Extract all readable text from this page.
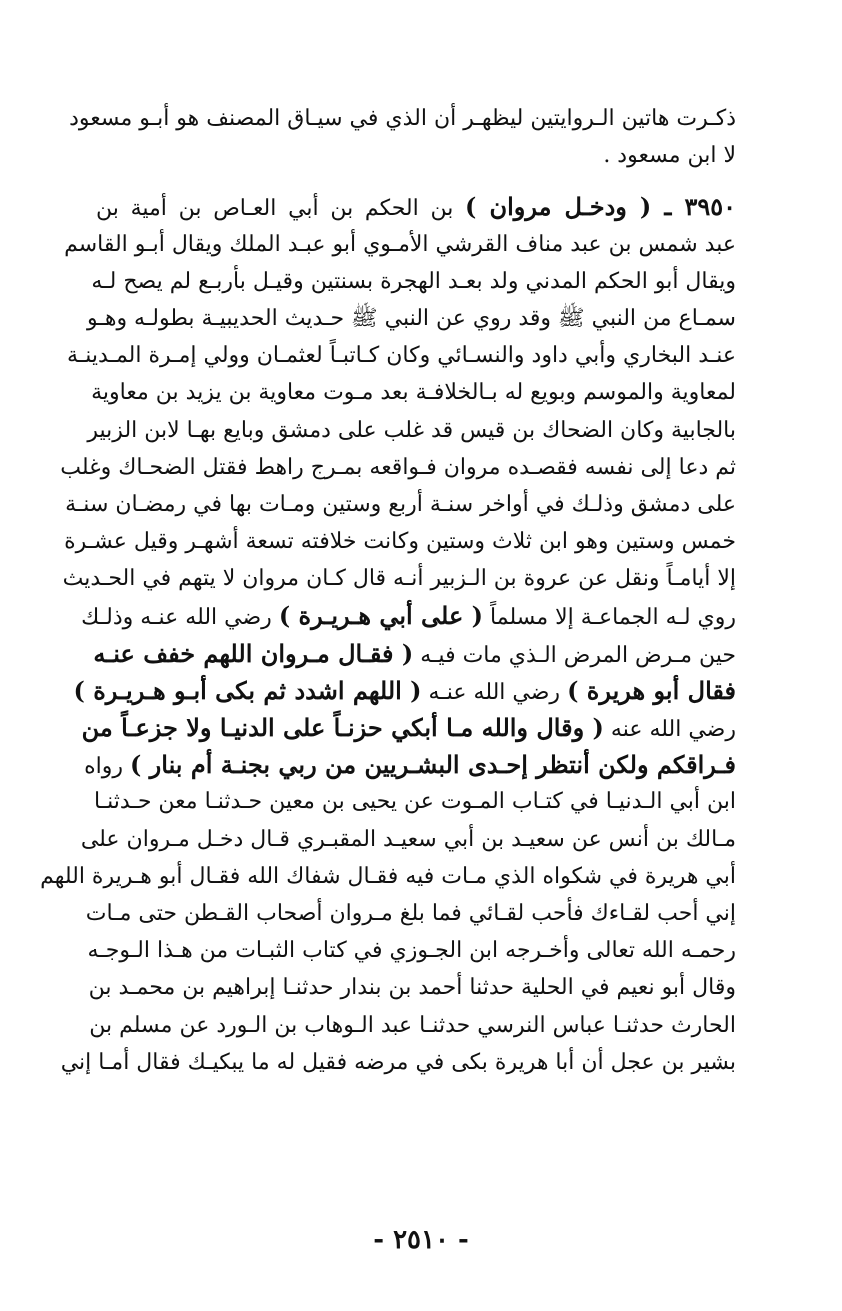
ذكـرت هاتين الـروايتين ليظهـر أن الذي في سيـاق المصنف هو أبـو مسعود
لا ابن مسعود .
٣٩٥٠ ـ ( ودخـل مروان ) بن الحكم بن أبي العـاص بن أمية بن
عبد شمس بن عبد مناف القرشي الأمـوي أبو عبـد الملك ويقال أبـو القاسم
ويقال أبو الحكم المدني ولد بعـد الهجرة بسنتين وقيـل بأربـع لم يصح لـه
سمـاع من النبي ﷺ وقد روي عن النبي ﷺ حـديث الحديبيـة بطولـه وهـو
عنـد البخاري وأبي داود والنسـائي وكان كـاتبـاً لعثمـان وولي إمـرة المـدينـة
لمعاوية والموسم وبويع له بـالخلافـة بعد مـوت معاوية بن يزيد بن معاوية
بالجابية وكان الضحاك بن قيس قد غلب على دمشق وبايع بهـا لابن الزبير
ثم دعا إلى نفسه فقصـده مروان فـواقعه بمـرج راهط فقتل الضحـاك وغلب
على دمشق وذلـك في أواخر سنـة أربع وستين ومـات بها في رمضـان سنـة
خمس وستين وهو ابن ثلاث وستين وكانت خلافته تسعة أشهـر وقيل عشـرة
إلا أيامـاً ونقل عن عروة بن الـزبير أنـه قال كـان مروان لا يتهم في الحـديث
روي لـه الجماعـة إلا مسلماً ( على أبي هـريـرة ) رضي الله عنـه وذلـك
حين مـرض المرض الـذي مات فيـه ( فقـال مـروان اللهم خفف عنـه
فقال أبو هريرة ) رضي الله عنـه ( اللهم اشدد ثم بكى أبـو هـريـرة )
رضي الله عنه ( وقال والله مـا أبكي حزنـاً على الدنيـا ولا جزعـاً من
فـراقكم ولكن أنتظر إحـدى البشـريين من ربي بجنـة أم بنار ) رواه
ابن أبي الـدنيـا في كتـاب المـوت عن يحيى بن معين حـدثنـا معن حـدثنـا
مـالك بن أنس عن سعيـد بن أبي سعيـد المقبـري قـال دخـل مـروان على
أبي هريرة في شكواه الذي مـات فيه فقـال شفاك الله فقـال أبو هـريرة اللهم
إني أحب لقـاءك فأحب لقـائي فما بلغ مـروان أصحاب القـطن حتى مـات
رحمـه الله تعالى وأخـرجه ابن الجـوزي في كتاب الثبـات من هـذا الـوجـه
وقال أبو نعيم في الحلية حدثنا أحمد بن بندار حدثنـا إبراهيم بن محمـد بن
الحارث حدثنـا عباس النرسي حدثنـا عبد الـوهاب بن الـورد عن مسلم بن
بشير بن عجل أن أبا هريرة بكى في مرضه فقيل له ما يبكيـك فقال أمـا إني
- ٢٥١٠ -
